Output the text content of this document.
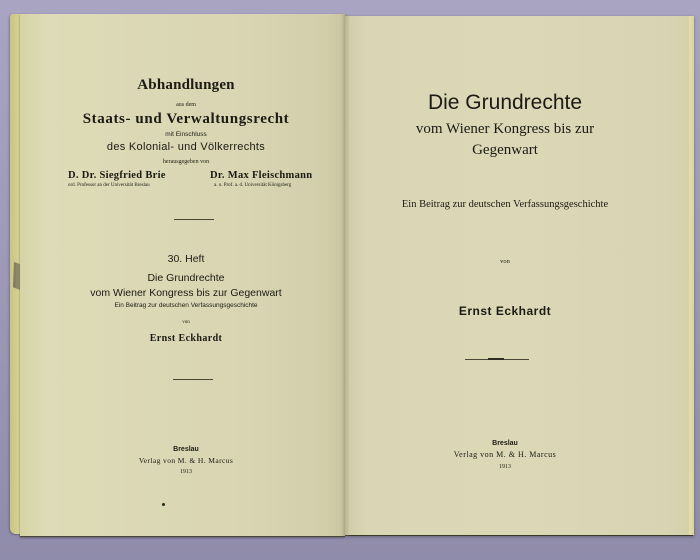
Abhandlungen
aus dem
Staats- und Verwaltungsrecht
mit Einschluss
des Kolonial- und Völkerrechts
herausgegeben von
D. Dr. Siegfried Brie
ord. Professor an der Universität Breslau
Dr. Max Fleischmann
a. o. Prof. a. d. Universität Königsberg

30. Heft
Die Grundrechte
vom Wiener Kongress bis zur Gegenwart
Ein Beitrag zur deutschen Verfassungsgeschichte
von
Ernst Eckhardt
Breslau
Verlag von M. & H. Marcus
1913
Die Grundrechte
vom Wiener Kongress bis zur
Gegenwart
Ein Beitrag zur deutschen Verfassungsgeschichte
von
Ernst Eckhardt
Breslau
Verlag von M. & H. Marcus
1913
